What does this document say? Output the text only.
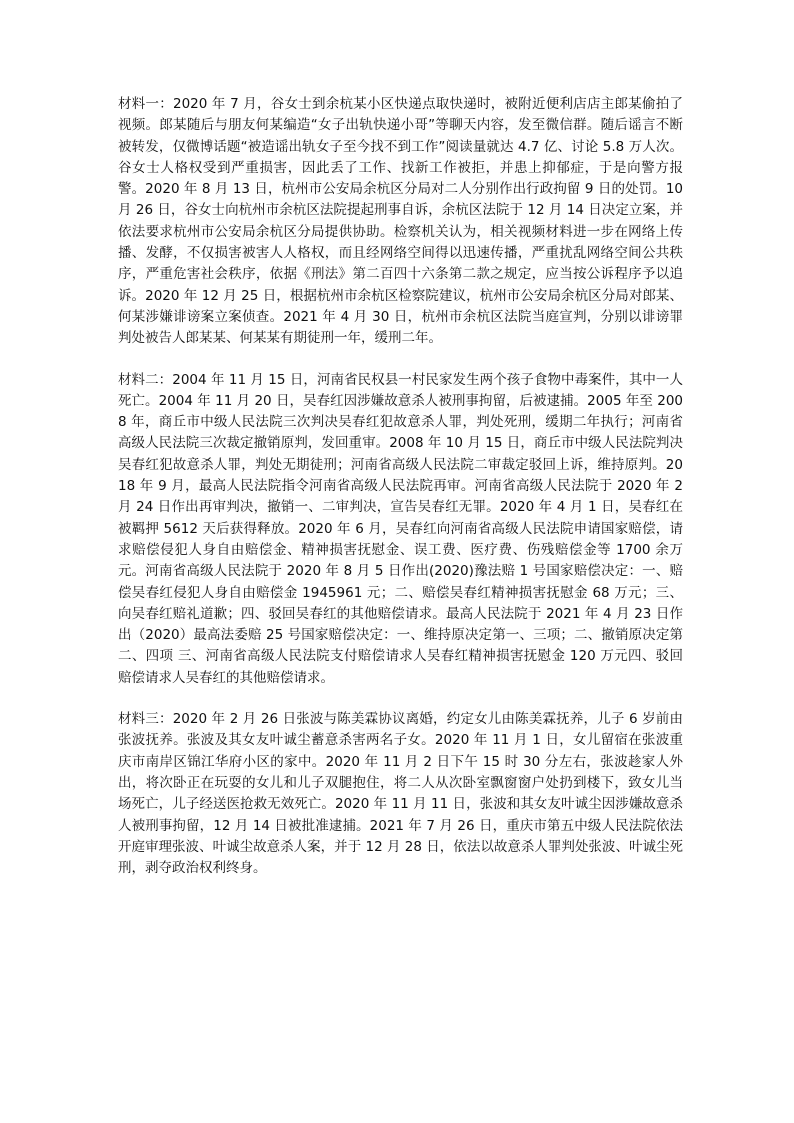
材料一：2020 年 7 月，谷女士到余杭某小区快递点取快递时，被附近便利店店主郎某偷拍了视频。郎某随后与朋友何某编造“女子出轨快递小哥”等聊天内容，发至微信群。随后谣言不断被转发，仅微博话题“被造谣出轨女子至今找不到工作”阅读量就达 4.7 亿、讨论 5.8 万人次。谷女士人格权受到严重损害，因此丢了工作、找新工作被拒，并患上抑郁症，于是向警方报警。2020 年 8 月 13 日，杭州市公安局余杭区分局对二人分别作出行政拘留 9 日的处罚。10 月 26 日，谷女士向杭州市余杭区法院提起刑事自诉，余杭区法院于 12 月 14 日决定立案，并依法要求杭州市公安局余杭区分局提供协助。检察机关认为，相关视频材料进一步在网络上传播、发酵，不仅损害被害人人格权，而且经网络空间得以迅速传播，严重扰乱网络空间公共秩序，严重危害社会秩序，依据《刑法》第二百四十六条第二款之规定，应当按公诉程序予以追诉。2020 年 12 月 25 日，根据杭州市余杭区检察院建议，杭州市公安局余杭区分局对郎某、何某涉嫌诽谤案立案侦查。2021 年 4 月 30 日，杭州市余杭区法院当庭宣判，分别以诽谤罪判处被告人郎某某、何某某有期徒刑一年，缓刑二年。

材料二：2004 年 11 月 15 日，河南省民权县一村民家发生两个孩子食物中毒案件，其中一人死亡。2004 年 11 月 20 日，吴春红因涉嫌故意杀人被刑事拘留，后被逮捕。2005 年至 2008 年，商丘市中级人民法院三次判决吴春红犯故意杀人罪，判处死刑，缓期二年执行；河南省高级人民法院三次裁定撤销原判，发回重审。2008 年 10 月 15 日，商丘市中级人民法院判决吴春红犯故意杀人罪，判处无期徒刑；河南省高级人民法院二审裁定驳回上诉，维持原判。2018 年 9 月，最高人民法院指令河南省高级人民法院再审。河南省高级人民法院于 2020 年 2 月 24 日作出再审判决，撤销一、二审判决，宣告吴春红无罪。2020 年 4 月 1 日，吴春红在被羁押 5612 天后获得释放。2020 年 6 月，吴春红向河南省高级人民法院申请国家赔偿，请求赔偿侵犯人身自由赔偿金、精神损害抚慰金、误工费、医疗费、伤残赔偿金等 1700 余万元。河南省高级人民法院于 2020 年 8 月 5 日作出(2020)豫法赔 1 号国家赔偿决定：一、赔偿吴春红侵犯人身自由赔偿金 1945961 元；二、赔偿吴春红精神损害抚慰金 68 万元；三、向吴春红赔礼道歉；四、驳回吴春红的其他赔偿请求。最高人民法院于 2021 年 4 月 23 日作出（2020）最高法委赔 25 号国家赔偿决定：一、维持原决定第一、三项；二、撤销原决定第二、四项 三、河南省高级人民法院支付赔偿请求人吴春红精神损害抚慰金 120 万元四、驳回赔偿请求人吴春红的其他赔偿请求。

材料三：2020 年 2 月 26 日张波与陈美霖协议离婚，约定女儿由陈美霖抚养，儿子 6 岁前由张波抚养。张波及其女友叶诚尘蓄意杀害两名子女。2020 年 11 月 1 日，女儿留宿在张波重庆市南岸区锦江华府小区的家中。2020 年 11 月 2 日下午 15 时 30 分左右，张波趁家人外出，将次卧正在玩耍的女儿和儿子双腿抱住，将二人从次卧室飘窗窗户处扔到楼下，致女儿当场死亡，儿子经送医抢救无效死亡。2020 年 11 月 11 日，张波和其女友叶诚尘因涉嫌故意杀人被刑事拘留，12 月 14 日被批准逮捕。2021 年 7 月 26 日，重庆市第五中级人民法院依法开庭审理张波、叶诚尘故意杀人案，并于 12 月 28 日，依法以故意杀人罪判处张波、叶诚尘死刑，剥夺政治权利终身。
